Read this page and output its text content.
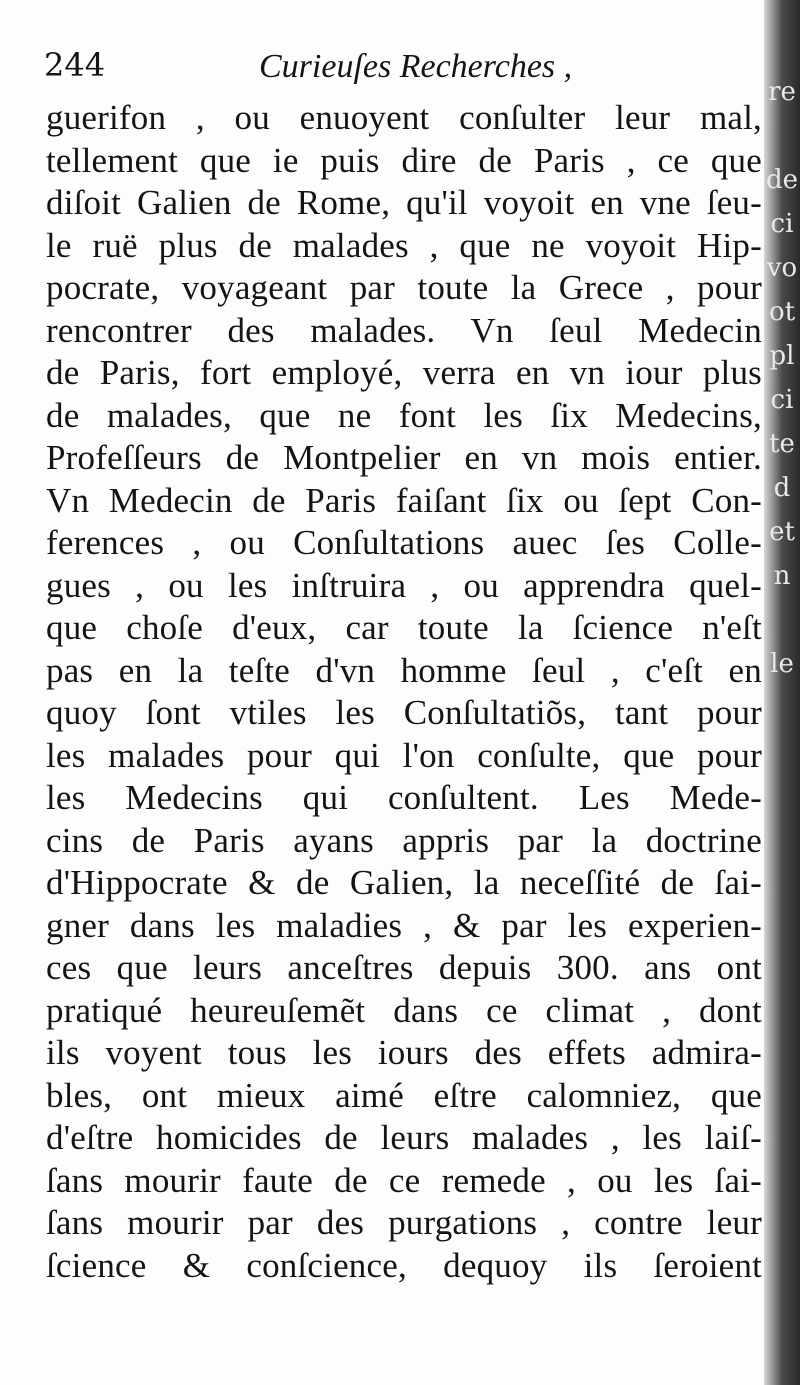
re
de
ci
vo
ot
pl
ci
te
d
et
n
le
244	Curieuſes Recherches ,
guerifon , ou enuoyent conſulter leur mal,
tellement que ie puis dire de Paris , ce que
diſoit Galien de Rome, qu'il voyoit en vne ſeu-
le ruë plus de malades , que ne voyoit Hip-
pocrate, voyageant par toute la Grece , pour
rencontrer des malades. Vn ſeul Medecin
de Paris, fort employé, verra en vn iour plus
de malades, que ne font les ſix Medecins,
Profeſſeurs de Montpelier en vn mois entier.
Vn Medecin de Paris faiſant ſix ou ſept Con-
ferences , ou Conſultations auec ſes Colle-
gues , ou les inſtruira , ou apprendra quel-
que choſe d'eux, car toute la ſcience n'eſt
pas en la teſte d'vn homme ſeul , c'eſt en
quoy ſont vtiles les Conſultatiõs, tant pour
les malades pour qui l'on conſulte, que pour
les Medecins qui conſultent. Les Mede-
cins de Paris ayans appris par la doctrine
d'Hippocrate & de Galien, la neceſſité de ſai-
gner dans les maladies , & par les experien-
ces que leurs anceſtres depuis 300. ans ont
pratiqué heureuſemẽt dans ce climat , dont
ils voyent tous les iours des effets admira-
bles, ont mieux aimé eſtre calomniez, que
d'eſtre homicides de leurs malades , les laiſ-
ſans mourir faute de ce remede , ou les ſai-
ſans mourir par des purgations , contre leur
ſcience & conſcience, dequoy ils ſeroient
